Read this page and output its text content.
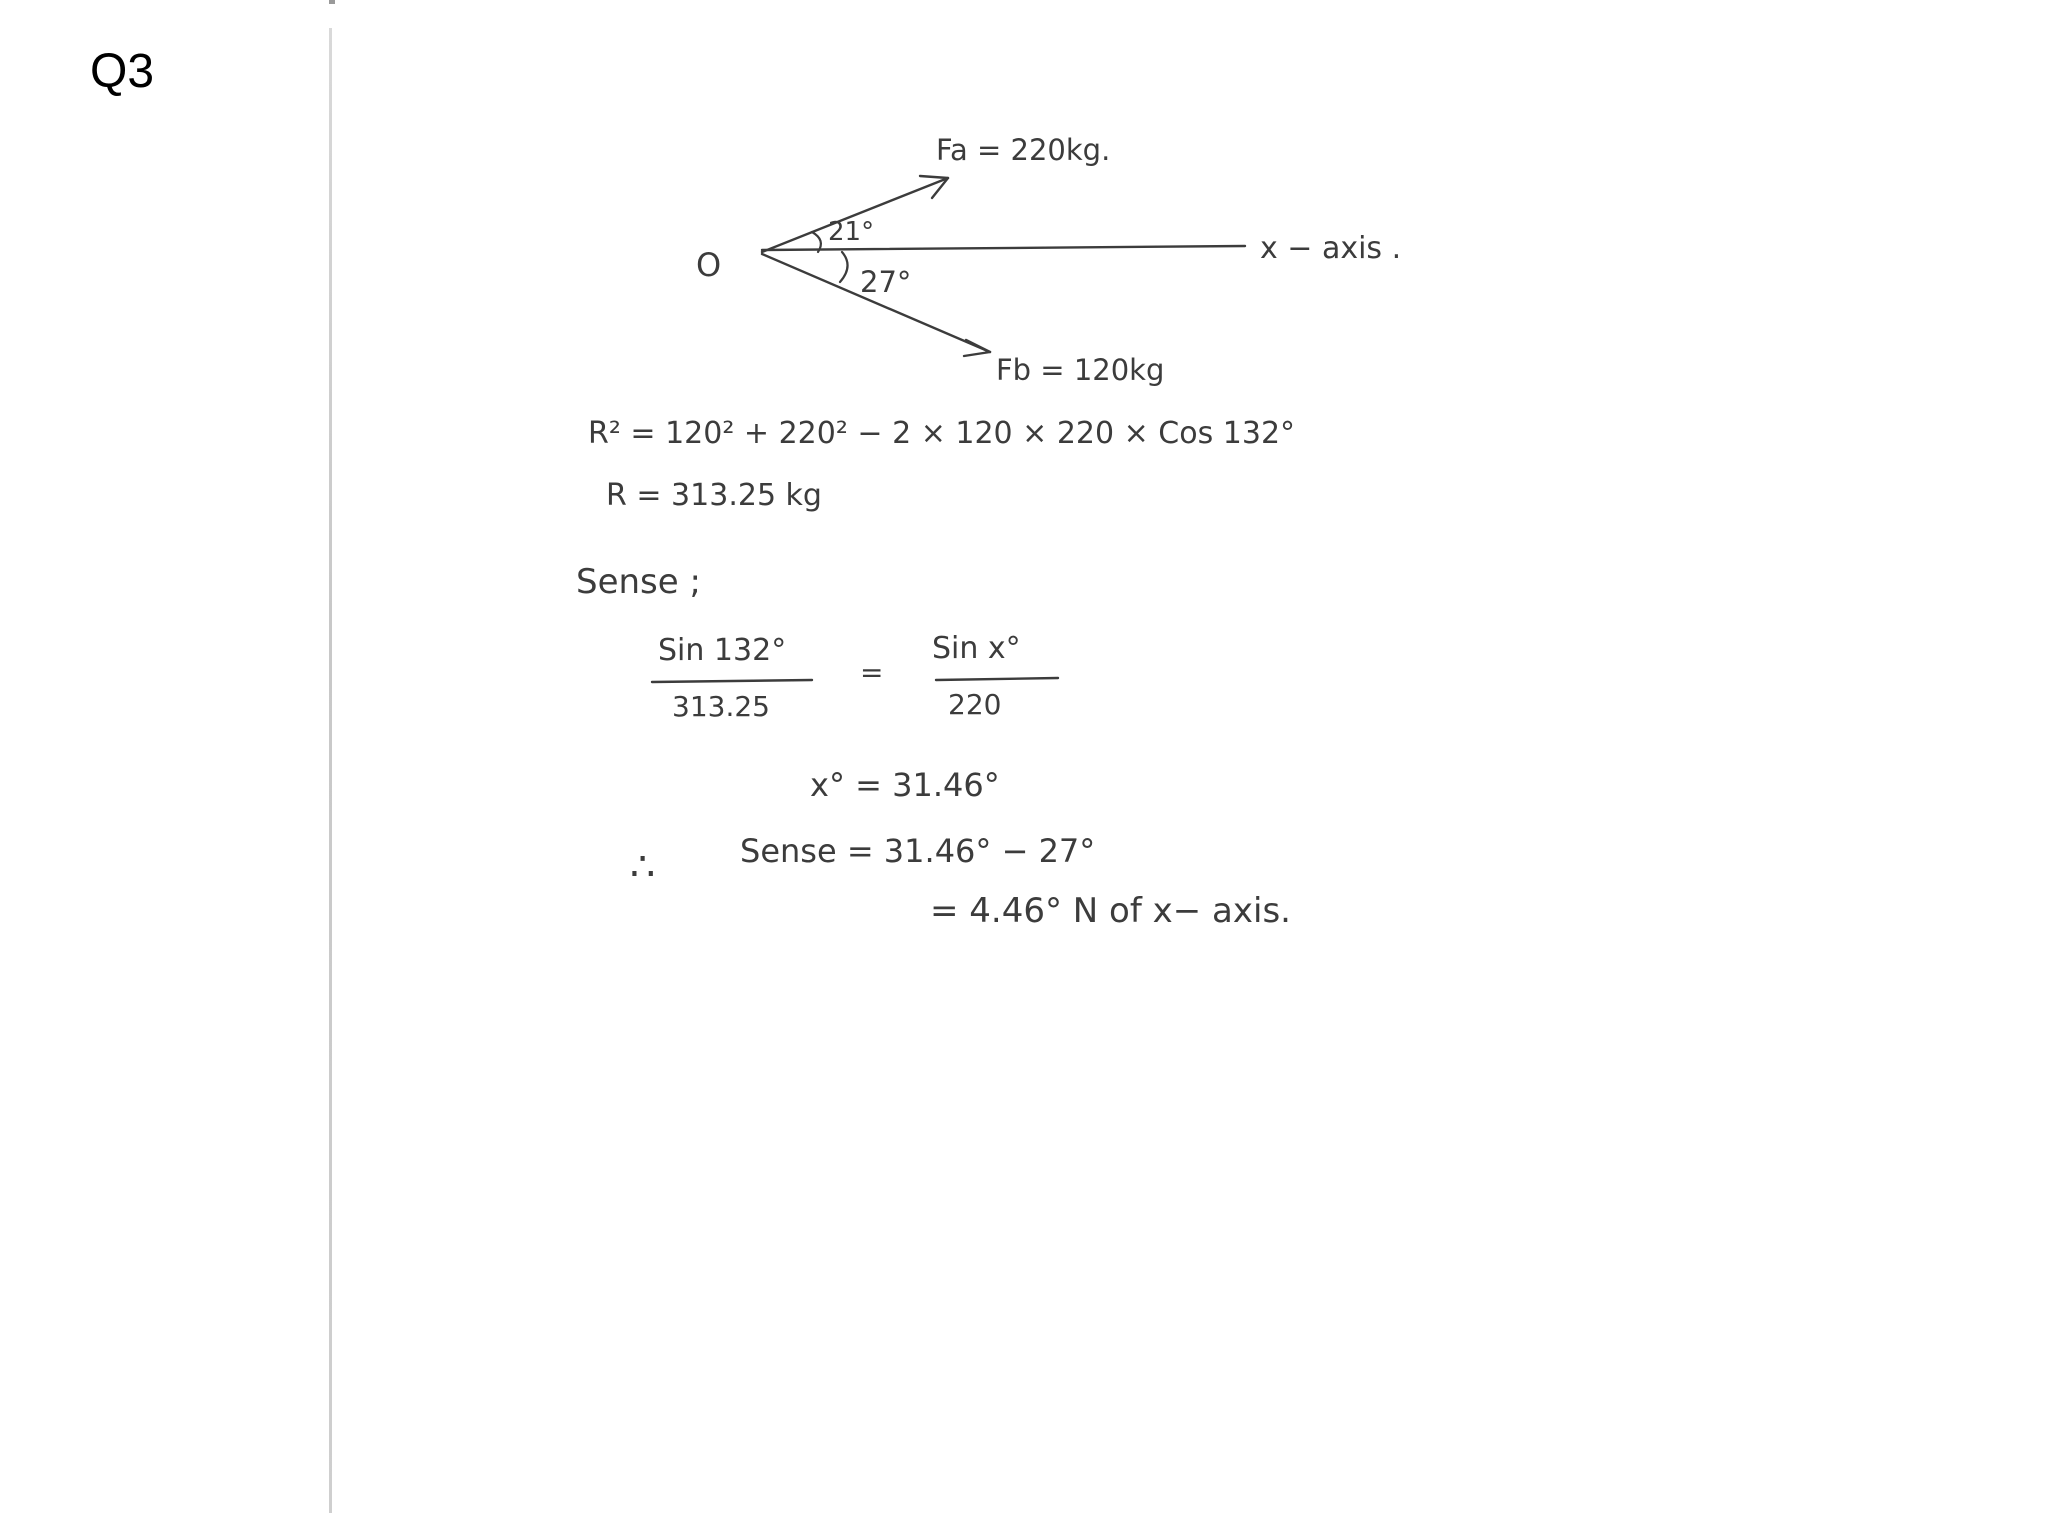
Q3
O	x − axis .
Fa = 220kg.
Fb = 120kg
21°
27°
R² = 120² + 220² − 2 × 120 × 220 × Cos 132°
R = 313.25 kg
Sense ;
Sin 132°
313.25
=
Sin x°
220
x° = 31.46°
∴	Sense = 31.46° − 27°
= 4.46° N of x− axis.
